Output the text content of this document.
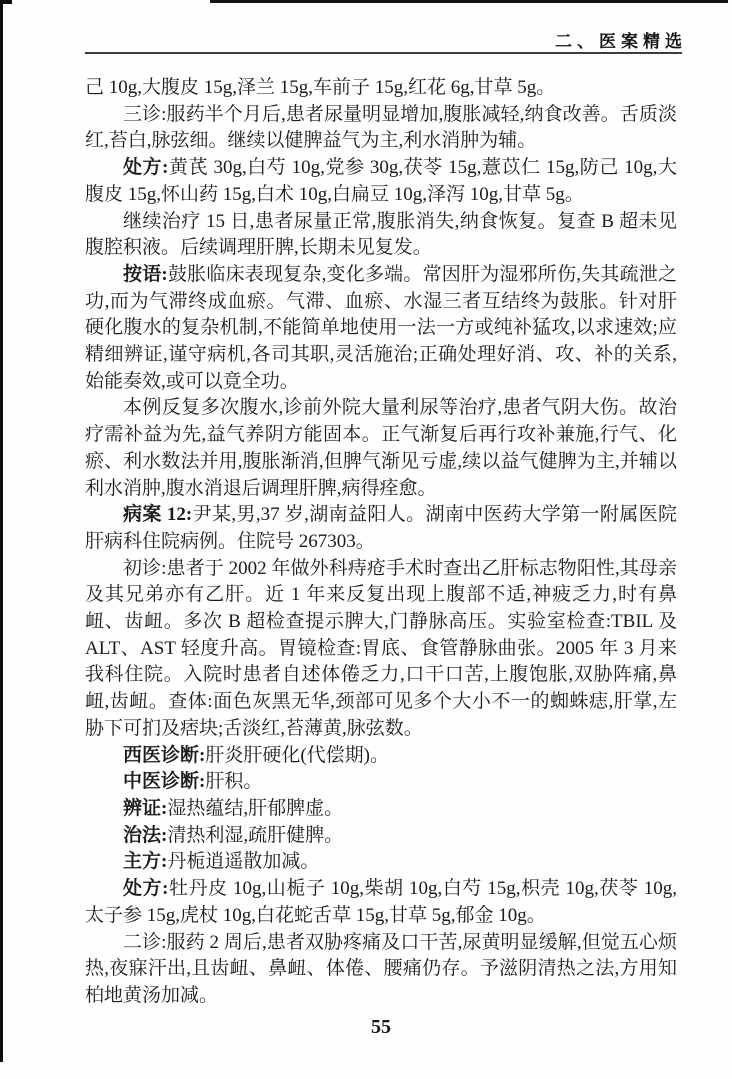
二、医案精选

己 10g,大腹皮 15g,泽兰 15g,车前子 15g,红花 6g,甘草 5g。

三诊:服药半个月后,患者尿量明显增加,腹胀减轻,纳食改善。舌质淡红,苔白,脉弦细。继续以健脾益气为主,利水消肿为辅。

处方:黄芪 30g,白芍 10g,党参 30g,茯苓 15g,薏苡仁 15g,防己 10g,大腹皮 15g,怀山药 15g,白术 10g,白扁豆 10g,泽泻 10g,甘草 5g。

继续治疗 15 日,患者尿量正常,腹胀消失,纳食恢复。复查 B 超未见腹腔积液。后续调理肝脾,长期未见复发。

按语:鼓胀临床表现复杂,变化多端。常因肝为湿邪所伤,失其疏泄之功,而为气滞终成血瘀。气滞、血瘀、水湿三者互结终为鼓胀。针对肝硬化腹水的复杂机制,不能简单地使用一法一方或纯补猛攻,以求速效;应精细辨证,谨守病机,各司其职,灵活施治;正确处理好消、攻、补的关系,始能奏效,或可以竟全功。

本例反复多次腹水,诊前外院大量利尿等治疗,患者气阴大伤。故治疗需补益为先,益气养阴方能固本。正气渐复后再行攻补兼施,行气、化瘀、利水数法并用,腹胀渐消,但脾气渐见亏虚,续以益气健脾为主,并辅以利水消肿,腹水消退后调理肝脾,病得痊愈。

病案 12:尹某,男,37 岁,湖南益阳人。湖南中医药大学第一附属医院肝病科住院病例。住院号 267303。

初诊:患者于 2002 年做外科痔疮手术时查出乙肝标志物阳性,其母亲及其兄弟亦有乙肝。近 1 年来反复出现上腹部不适,神疲乏力,时有鼻衄、齿衄。多次 B 超检查提示脾大,门静脉高压。实验室检查:TBIL 及 ALT、AST 轻度升高。胃镜检查:胃底、食管静脉曲张。2005 年 3 月来我科住院。入院时患者自述体倦乏力,口干口苦,上腹饱胀,双胁阵痛,鼻衄,齿衄。查体:面色灰黑无华,颈部可见多个大小不一的蜘蛛痣,肝掌,左胁下可扪及痞块;舌淡红,苔薄黄,脉弦数。

西医诊断:肝炎肝硬化(代偿期)。

中医诊断:肝积。

辨证:湿热蕴结,肝郁脾虚。

治法:清热利湿,疏肝健脾。

主方:丹栀逍遥散加减。

处方:牡丹皮 10g,山栀子 10g,柴胡 10g,白芍 15g,枳壳 10g,茯苓 10g,太子参 15g,虎杖 10g,白花蛇舌草 15g,甘草 5g,郁金 10g。

二诊:服药 2 周后,患者双胁疼痛及口干苦,尿黄明显缓解,但觉五心烦热,夜寐汗出,且齿衄、鼻衄、体倦、腰痛仍存。予滋阴清热之法,方用知柏地黄汤加减。

55
